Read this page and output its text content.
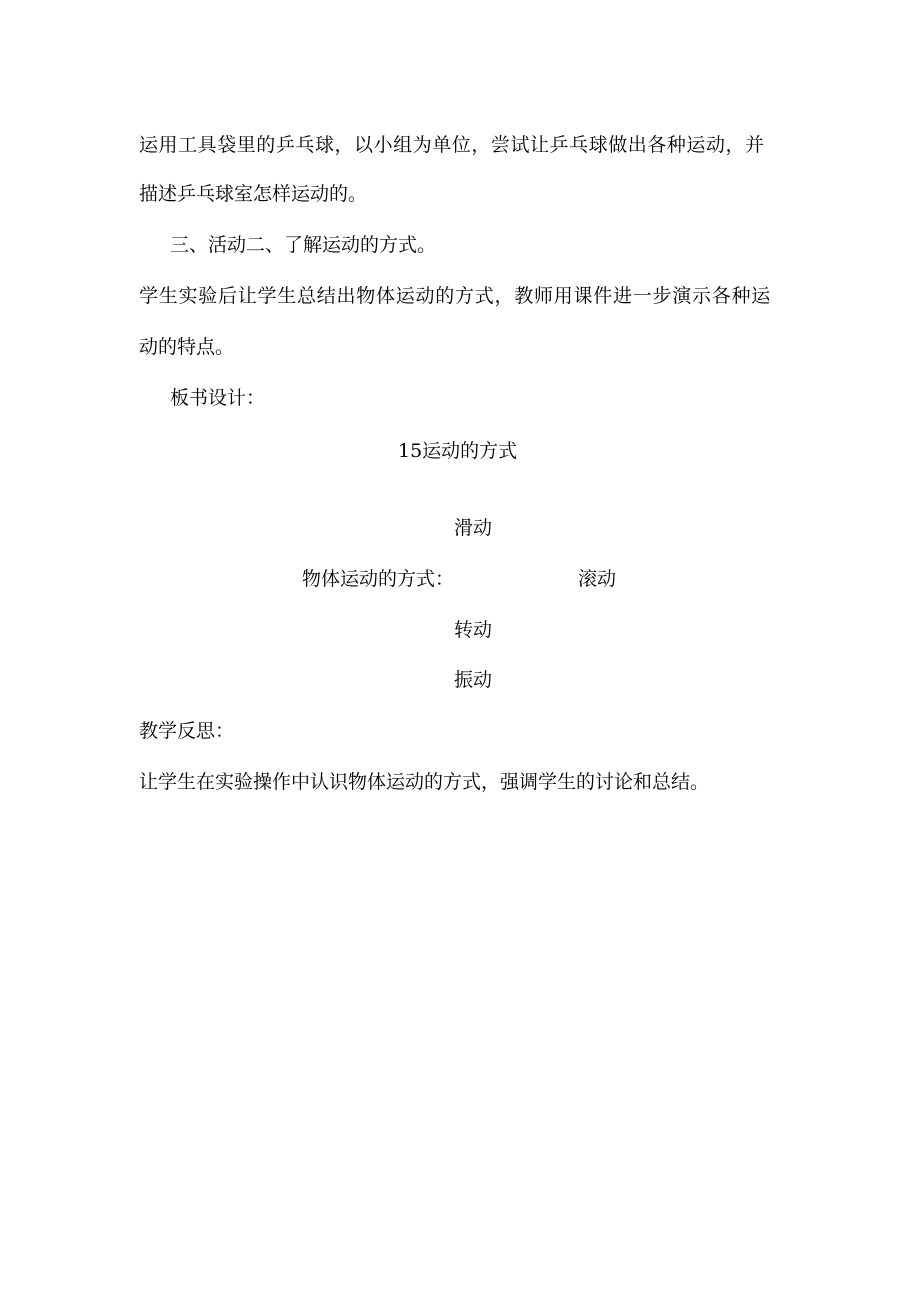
运用工具袋里的乒乓球，以小组为单位，尝试让乒乓球做出各种运动，并
描述乒乓球室怎样运动的。
三、活动二、了解运动的方式。
学生实验后让学生总结出物体运动的方式，教师用课件进一步演示各种运
动的特点。
板书设计：
15运动的方式
滑动
物体运动的方式：	滚动
转动
振动
教学反思：
让学生在实验操作中认识物体运动的方式，强调学生的讨论和总结。
